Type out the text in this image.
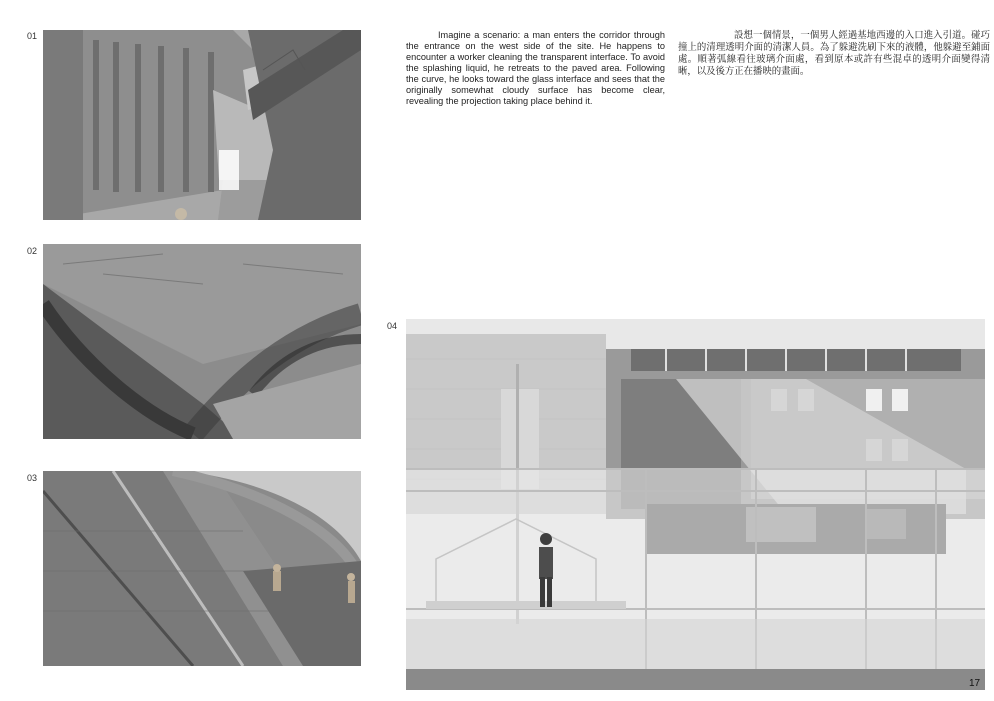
01
02
03
04
Imagine a scenario: a man enters the corridor through the entrance on the west side of the site. He happens to encounter a worker cleaning the transparent interface. To avoid the splashing liquid, he retreats to the paved area. Following the curve, he looks toward the glass interface and sees that the originally somewhat cloudy surface has become clear, revealing the projection taking place behind it.
設想一個情景，一個男人經過基地西邊的入口進入引道。碰巧撞上的清理透明介面的清潔人員。為了躲避洗刷下來的液體，他躲避至鋪面處。順著弧線看往玻璃介面處，看到原本或許有些混卓的透明介面變得清晰，以及後方正在播映的畫面。
17
